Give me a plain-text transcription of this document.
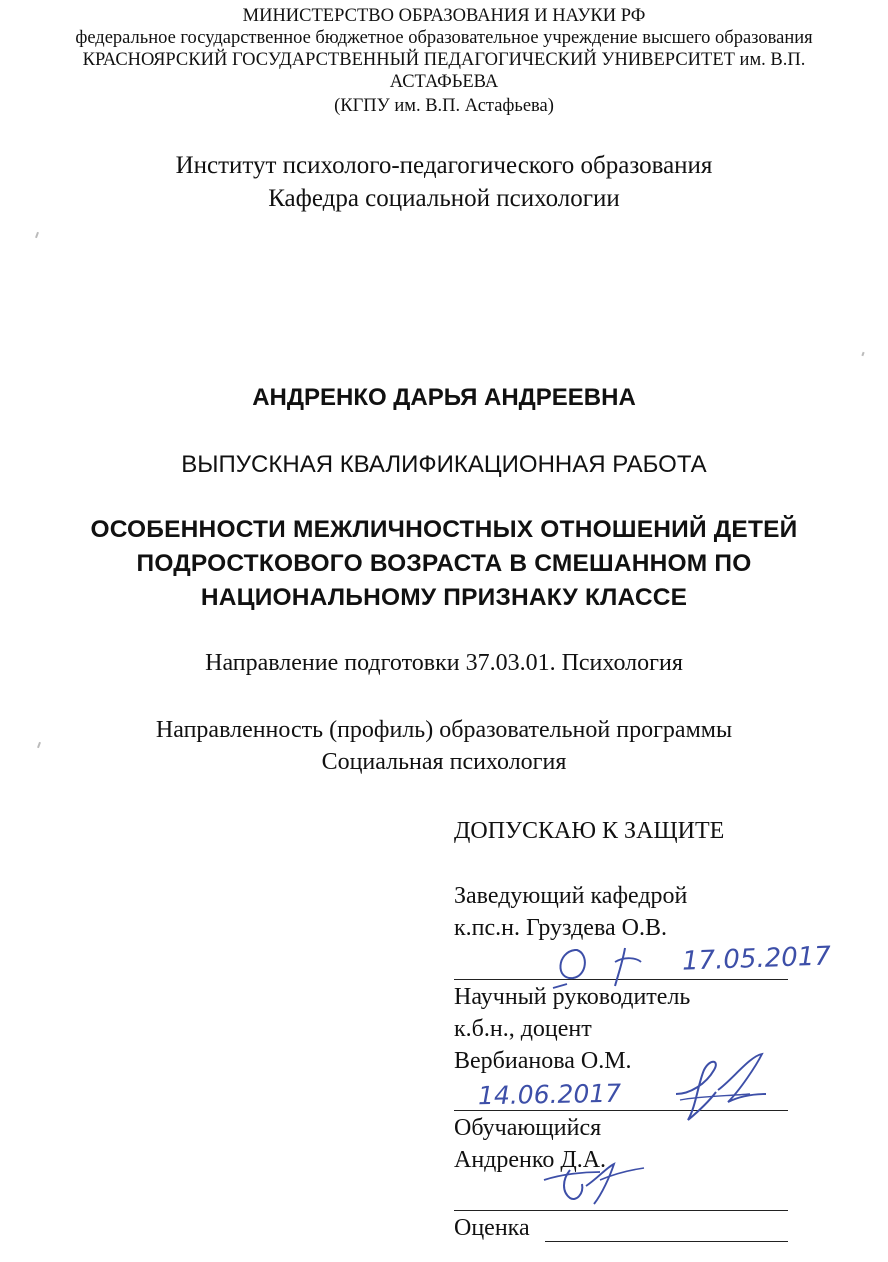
МИНИСТЕРСТВО ОБРАЗОВАНИЯ И НАУКИ РФ
федеральное государственное бюджетное образовательное учреждение высшего образования
КРАСНОЯРСКИЙ ГОСУДАРСТВЕННЫЙ ПЕДАГОГИЧЕСКИЙ УНИВЕРСИТЕТ им. В.П.
АСТАФЬЕВА
(КГПУ им. В.П. Астафьева)
Институт психолого-педагогического образования
Кафедра социальной психологии
АНДРЕНКО ДАРЬЯ АНДРЕЕВНА
ВЫПУСКНАЯ КВАЛИФИКАЦИОННАЯ РАБОТА
ОСОБЕННОСТИ МЕЖЛИЧНОСТНЫХ ОТНОШЕНИЙ ДЕТЕЙ
ПОДРОСТКОВОГО ВОЗРАСТА В СМЕШАННОМ ПО
НАЦИОНАЛЬНОМУ ПРИЗНАКУ КЛАССЕ
Направление подготовки 37.03.01. Психология
Направленность (профиль) образовательной программы
Социальная психология
ДОПУСКАЮ К ЗАЩИТЕ
Заведующий кафедрой
к.пс.н. Груздева О.В.
Научный руководитель
к.б.н., доцент
Вербианова О.М.
Обучающийся
Андренко Д.А.
Оценка
17.05.2017
14.06.2017
